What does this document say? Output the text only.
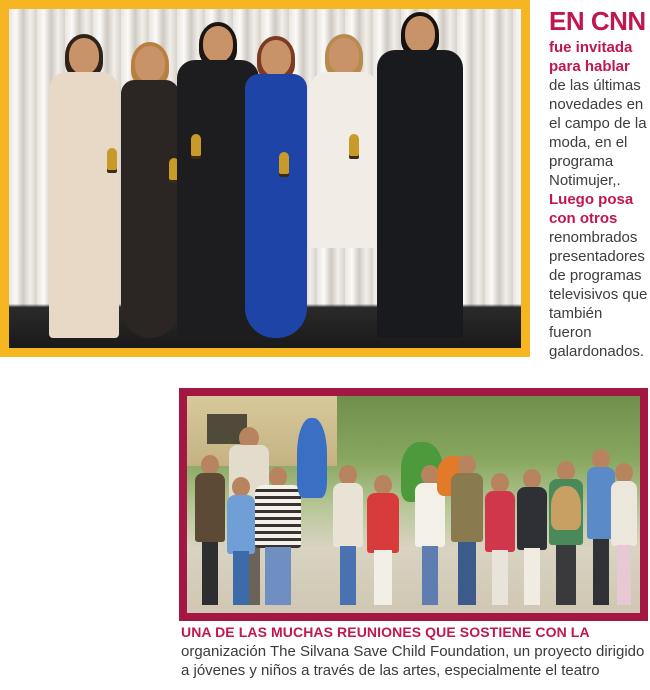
EN CNN
fue invitada para hablar de las últimas novedades en el campo de la moda, en el programa Notimujer,. Luego posa con otros renombrados presentadores de programas televisivos que también fueron galardonados.
UNA DE LAS MUCHAS REUNIONES QUE SOSTIENE CON LA
organización The Silvana Save Child Foundation, un proyecto dirigido a jóvenes y niños a través de las artes, especialmente el teatro
